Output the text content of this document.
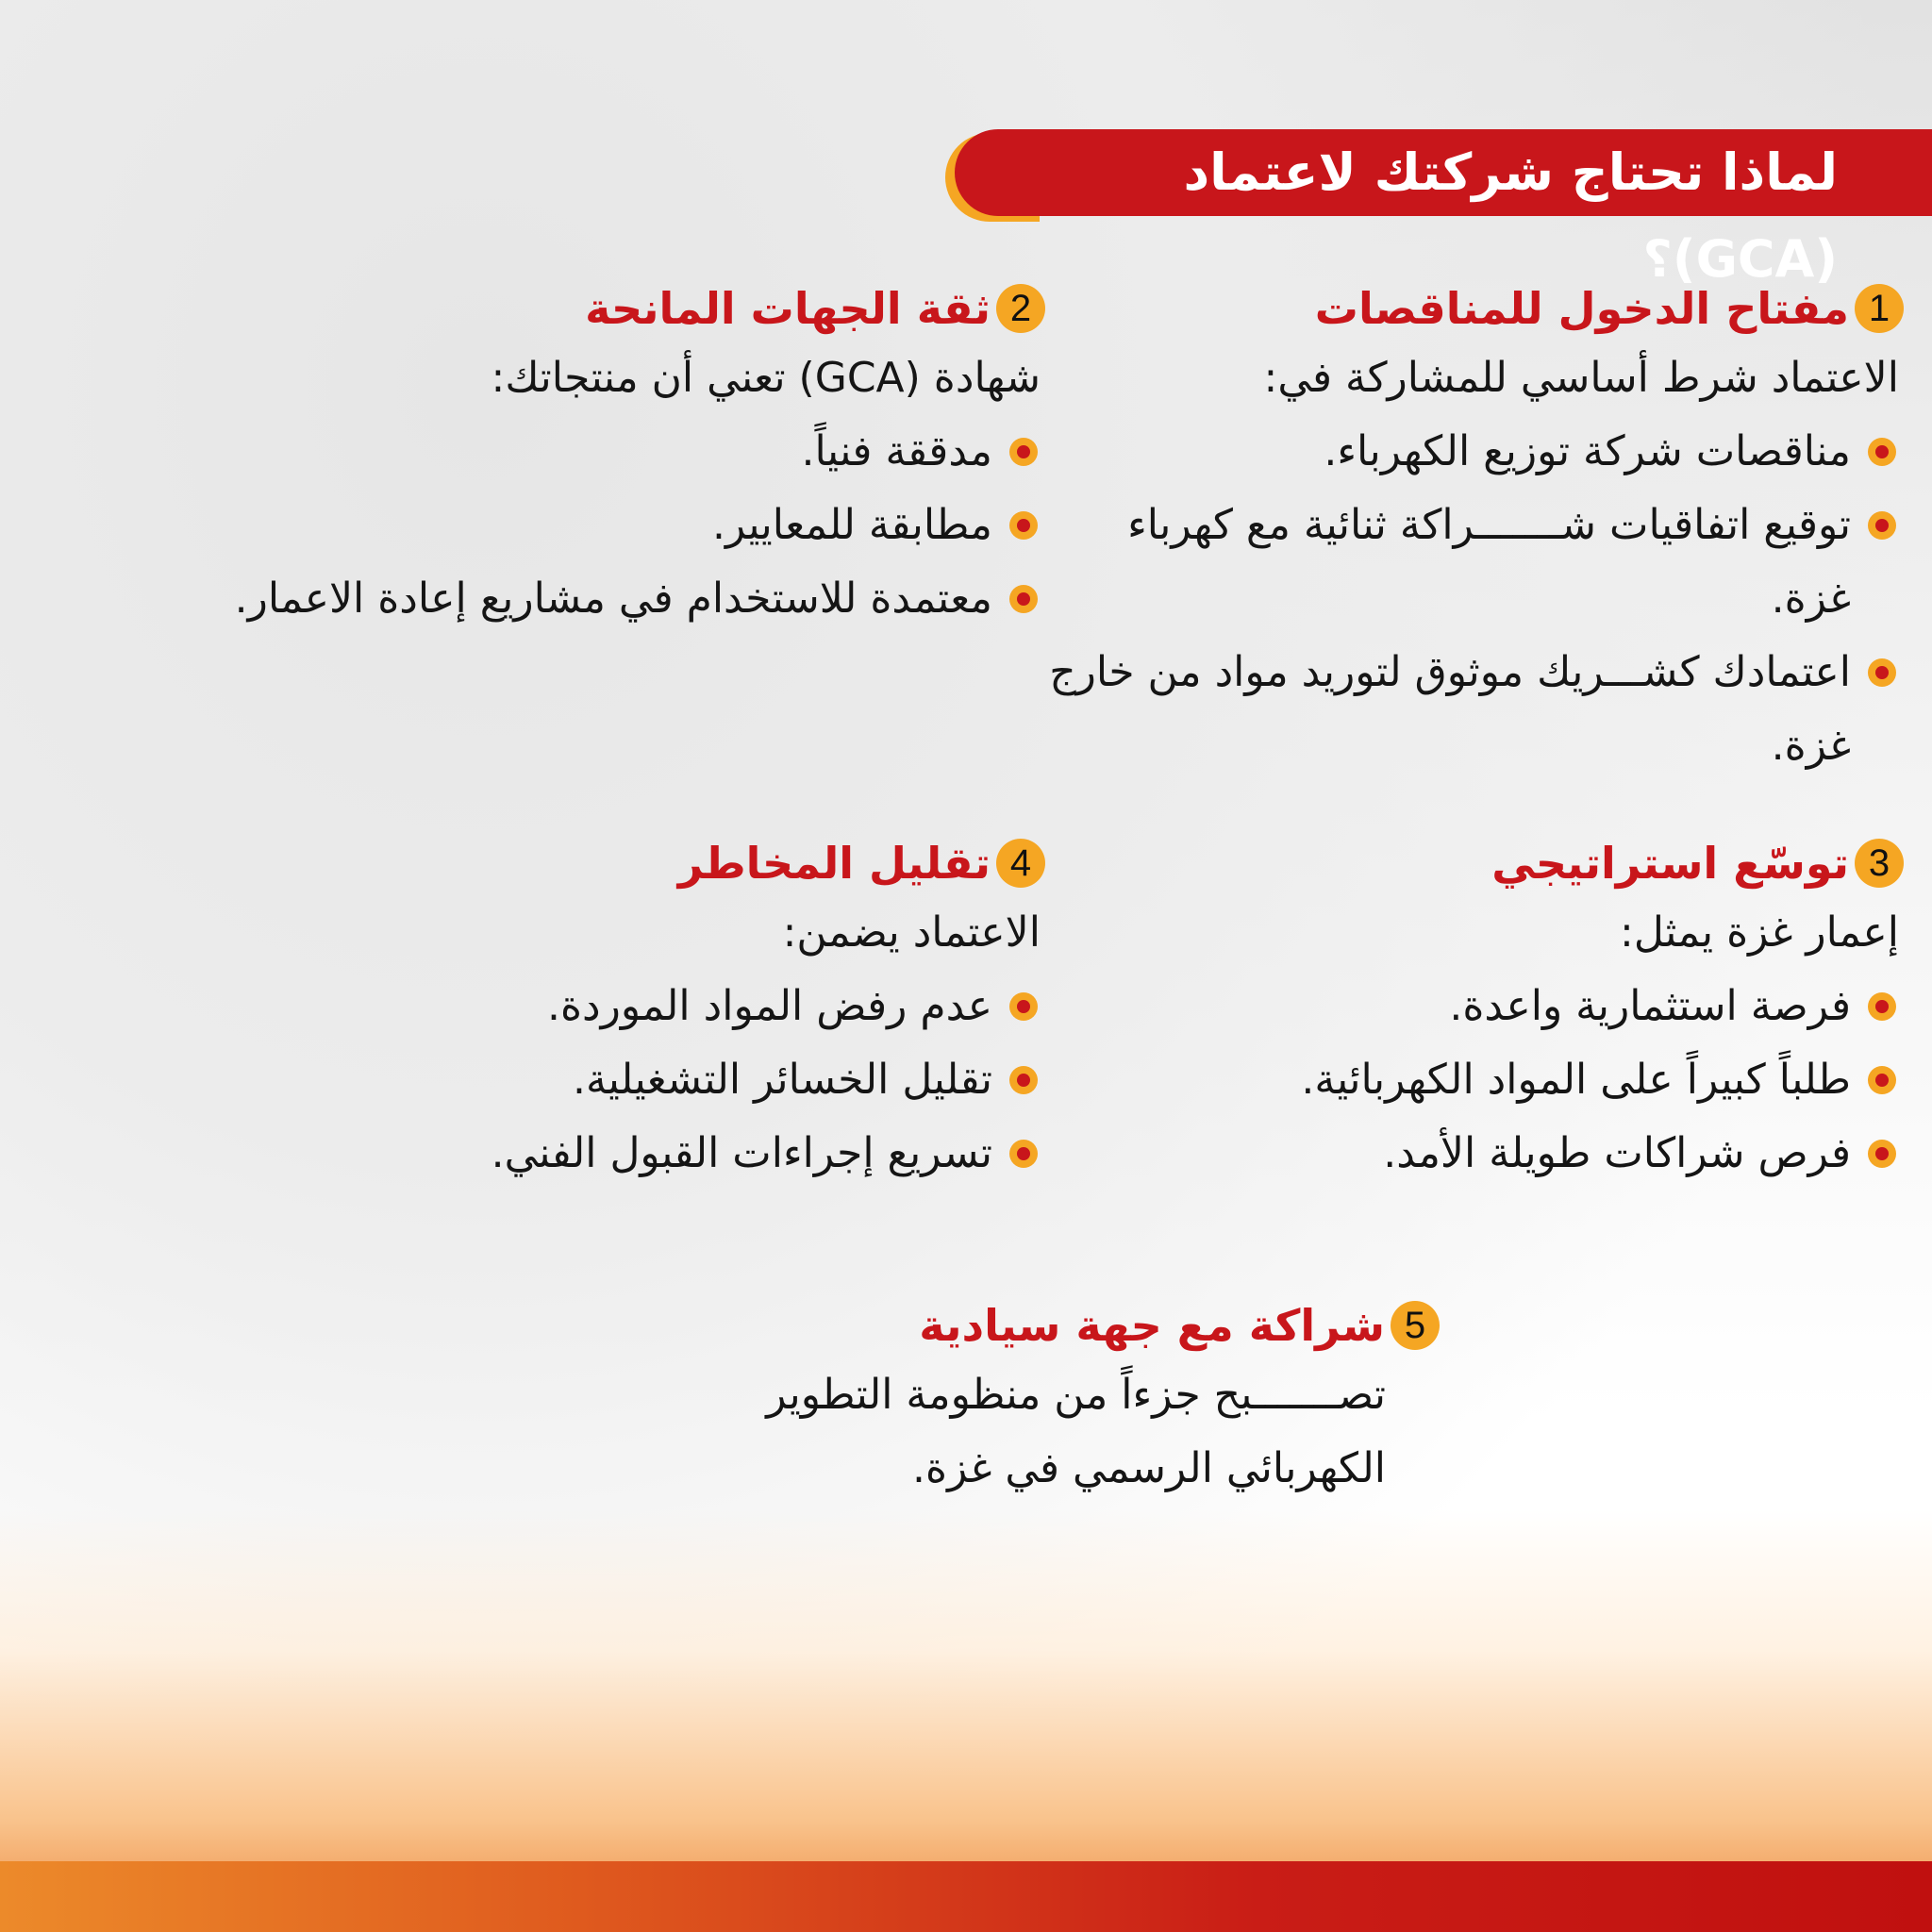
لماذا تحتاج شركتك لاعتماد (GCA)؟
1
مفتاح الدخول للمناقصات
الاعتماد شرط أساسي للمشاركة في:
مناقصات شركة توزيع الكهرباء.
توقيع اتفاقيات شـــــــراكة ثنائية مع كهرباء غزة.
اعتمادك كشـــريك موثوق لتوريد مواد من خارج غزة.
2
ثقة الجهات المانحة
شهادة (GCA) تعني أن منتجاتك:
مدققة فنياً.
مطابقة للمعايير.
معتمدة للاستخدام في مشاريع إعادة الاعمار.
3
توسّع استراتيجي
إعمار غزة يمثل:
فرصة استثمارية واعدة.
طلباً كبيراً على المواد الكهربائية.
فرص شراكات طويلة الأمد.
4
تقليل المخاطر
الاعتماد يضمن:
عدم رفض المواد الموردة.
تقليل الخسائر التشغيلية.
تسريع إجراءات القبول الفني.
5
شراكة مع جهة سيادية
تصـــــــبح جزءاً من منظومة التطوير الكهربائي الرسمي في غزة.
